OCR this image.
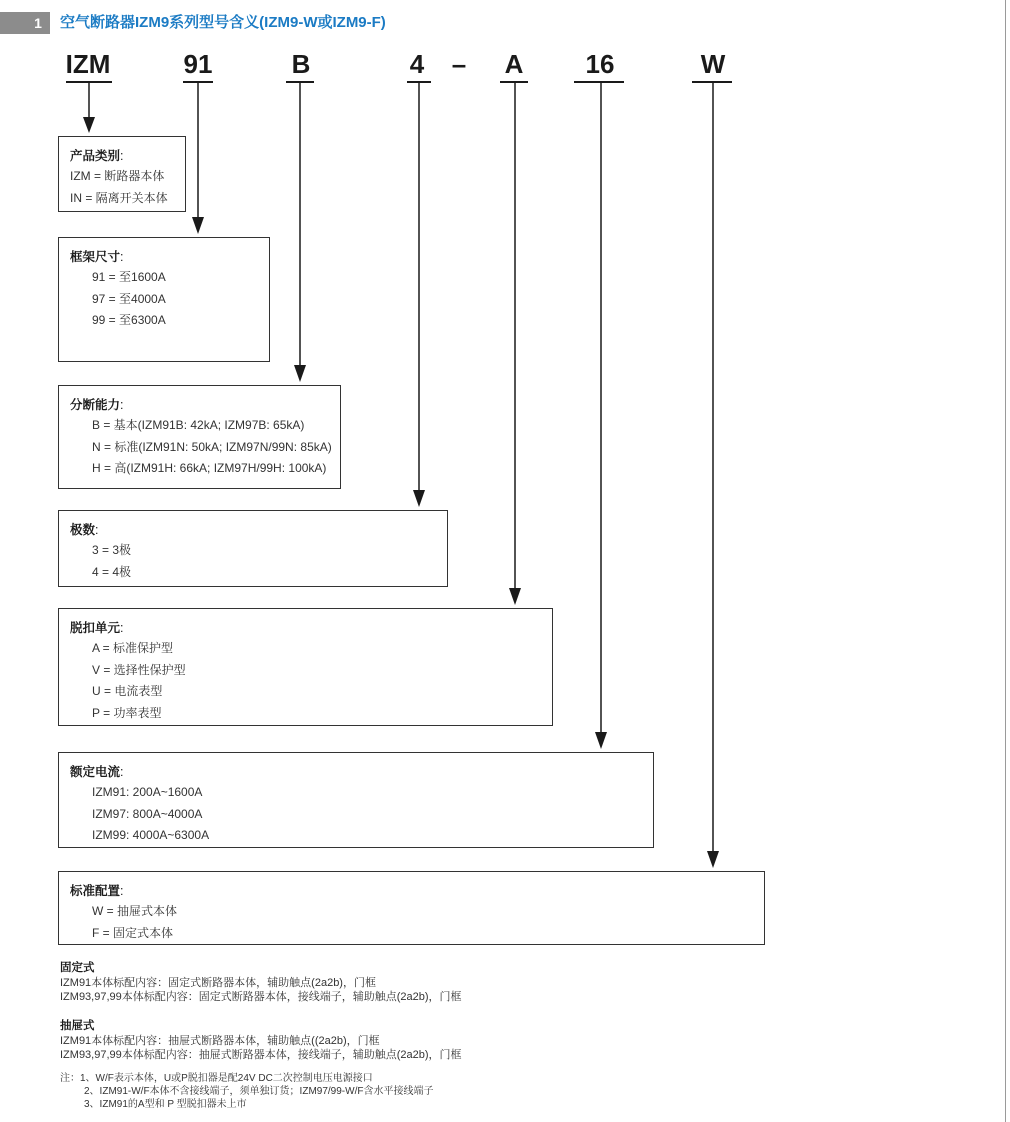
1	空气断路器IZM9系列型号含义(IZM9-W或IZM9-F)
IZM	91	B	4 – A	16	W
产品类别:
IZM = 断路器本体
IN = 隔离开关本体
框架尺寸:
91 = 至1600A
97 = 至4000A
99 = 至6300A
分断能力:
B = 基本(IZM91B: 42kA; IZM97B: 65kA)
N = 标准(IZM91N: 50kA; IZM97N/99N: 85kA)
H = 高(IZM91H: 66kA; IZM97H/99H: 100kA)
极数:
3 = 3极
4 = 4极
脱扣单元:
A = 标准保护型
V = 选择性保护型
U = 电流表型
P = 功率表型
额定电流:
IZM91: 200A~1600A
IZM97: 800A~4000A
IZM99: 4000A~6300A
标准配置:
W = 抽屉式本体
F = 固定式本体
固定式
IZM91本体标配内容：固定式断路器本体，辅助触点(2a2b)，门框
IZM93,97,99本体标配内容：固定式断路器本体，接线端子，辅助触点(2a2b)，门框
抽屉式
IZM91本体标配内容：抽屉式断路器本体，辅助触点((2a2b)，门框
IZM93,97,99本体标配内容：抽屉式断路器本体，接线端子，辅助触点(2a2b)，门框
注：1、W/F表示本体，U或P脱扣器是配24V DC二次控制电压电源接口
2、IZM91-W/F本体不含接线端子，须单独订货；IZM97/99-W/F含水平接线端子
3、IZM91的A型和 P 型脱扣器未上市
